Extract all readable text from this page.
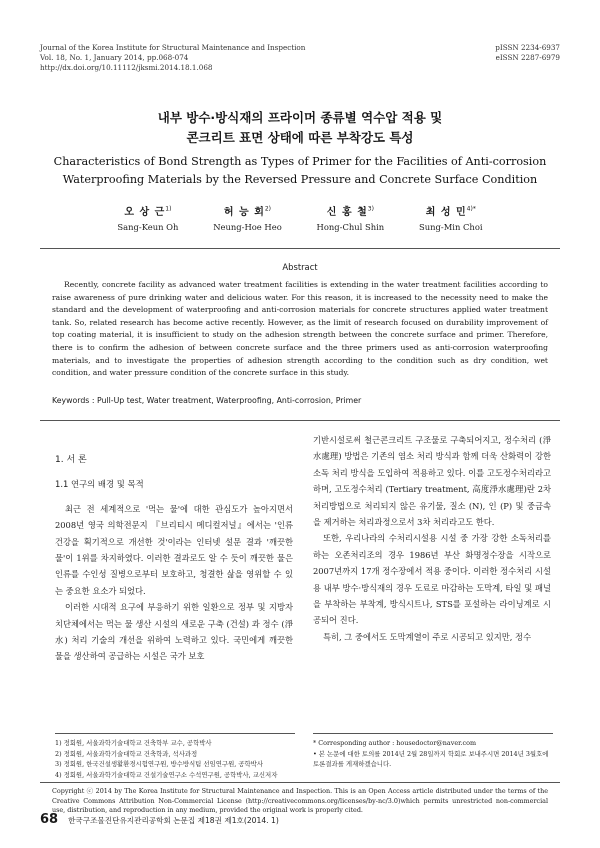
Journal of the Korea Institute for Structural Maintenance and Inspection
Vol. 18, No. 1, January 2014, pp.068-074
http://dx.doi.org/10.11112/jksmi.2014.18.1.068
pISSN 2234-6937
eISSN 2287-6979
내부 방수·방식재의 프라이머 종류별 역수압 적용 및
콘크리트 표면 상태에 따른 부착강도 특성
Characteristics of Bond Strength as Types of Primer for the Facilities of Anti-corrosion
Waterproofing Materials by the Reversed Pressure and Concrete Surface Condition
오 상 근$^{1)}$
Sang-Keun Oh
허 능 회$^{2)}$
Neung-Hoe Heo
신 홍 철$^{3)}$
Hong-Chul Shin
최 성 민$^{4)*}$
Sung-Min Choi
Abstract
Recently, concrete facility as advanced water treatment facilities is extending in the water treatment facilities according to raise awareness of pure drinking water and delicious water. For this reason, it is increased to the necessity need to make the standard and the development of waterproofing and anti-corrosion materials for concrete structures applied water treatment tank. So, related research has become active recently. However, as the limit of research focused on durability improvement of top coating material, it is insufficient to study on the adhesion strength between the concrete surface and primer. Therefore, there is to confirm the adhesion of between concrete surface and the three primers used as anti-corrosion waterproofing materials, and to investigate the properties of adhesion strength according to the condition such as dry condition, wet condition, and water pressure condition of the concrete surface in this study.
Keywords : Pull-Up test, Water treatment, Waterproofing, Anti-corrosion, Primer
1. 서 론
1.1 연구의 배경 및 목적

최근 전 세계적으로 '먹는 물'에 대한 관심도가 높아지면서 2008년 영국 의학전문지 『브리티시 메디컬저널』에서는 '인류 건강을 획기적으로 개선한 것'이라는 인터넷 설문 결과 '깨끗한 물'이 1위를 차지하였다. 이러한 결과로도 알 수 듯이 깨끗한 물은 인류를 수인성 질병으로부터 보호하고, 청결한 삶을 영위할 수 있는 중요한 요소가 되었다.

이러한 시대적 요구에 부응하기 위한 일환으로 정부 및 지방자치단체에서는 먹는 물 생산 시설의 새로운 구축 (건설) 과 정수 (淨水) 처리 기술의 개선을 위하여 노력하고 있다. 국민에게 깨끗한 물을 생산하여 공급하는 시설은 국가 보호

기반시설로써 철근콘크리트 구조물로 구축되어지고, 정수처리 (淨水處理) 방법은 기존의 염소 처리 방식과 함께 더욱 산화력이 강한 소독 처리 방식을 도입하여 적용하고 있다. 이를 고도정수처리라고 하며, 고도정수처리 (Tertiary treatment, 高度淨水處理)란 2차 처리방법으로 처리되지 않은 유기물, 질소 (N), 인 (P) 및 중금속을 제거하는 처리과정으로서 3차 처리라고도 한다.

또한, 우리나라의 수처리시설용 시설 중 가장 강한 소독처리를 하는 오존처리조의 경우 1986년 부산 화명정수장을 시작으로 2007년까지 17개 정수장에서 적용 중이다. 이러한 정수처리 시설용 내부 방수·방식재의 경우 도료로 마감하는 도막계, 타일 및 패널을 부착하는 부착계, 방식시트나, STS를 포설하는 라이닝계로 시공되어 진다.

특히, 그 중에서도 도막계열이 주로 시공되고 있지만, 정수

1) 정회원, 서울과학기술대학교 건축학부 교수, 공학박사
2) 정회원, 서울과학기술대학교 건축학과, 석사과정
3) 정회원, 한국건설생활환경시험연구원, 방수방식팀 선임연구원, 공학박사
4) 정회원, 서울과학기술대학교 건설기술연구소 수석연구원, 공학박사, 교신저자
* Corresponding author : housedoctor@naver.com
• 본 논문에 대한 토의를 2014년 2월 28일까지 학회로 보내주시면 2014년 3월호에 토론결과를 게재하겠습니다.
Copyright ⓒ 2014 by The Korea Institute for Structural Maintenance and Inspection. This is an Open Access article distributed under the terms of the Creative Commons Attribution Non-Commercial License (http://creativecommons.org/licenses/by-nc/3.0)which permits unrestricted non-commercial use, distribution, and reproduction in any medium, provided the original work is properly cited.
68 한국구조물진단유지관리공학회 논문집 제18권 제1호(2014. 1)
